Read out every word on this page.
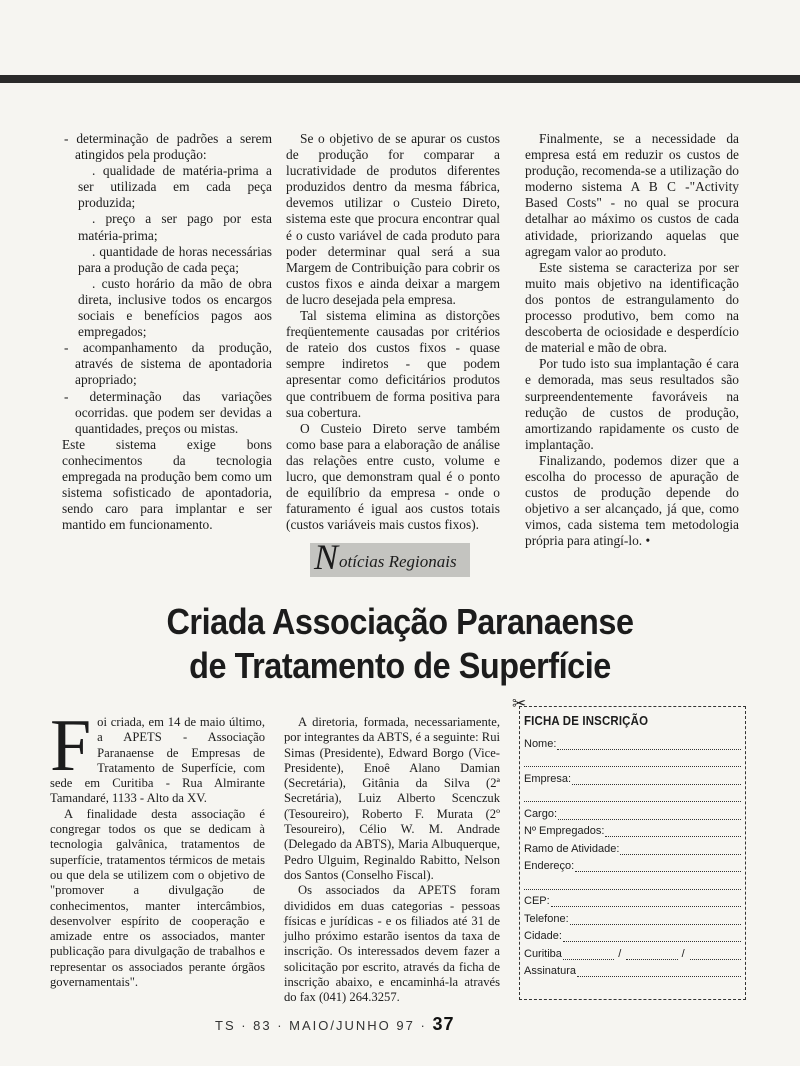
- determinação de padrões a serem atingidos pela produção:

. qualidade de matéria-prima a ser utilizada em cada peça produzida;

. preço a ser pago por esta matéria-prima;

. quantidade de horas necessárias para a produção de cada peça;

. custo horário da mão de obra direta, inclusive todos os encargos sociais e benefícios pagos aos empregados;

- acompanhamento da produção, através de sistema de apontadoria apropriado;

- determinação das variações ocorridas. que podem ser devidas a quantidades, preços ou mistas.

Este sistema exige bons conhecimentos da tecnologia empregada na produção bem como um sistema sofisticado de apontadoria, sendo caro para implantar e ser mantido em funcionamento.

Se o objetivo de se apurar os custos de produção for comparar a lucratividade de produtos diferentes produzidos dentro da mesma fábrica, devemos utilizar o Custeio Direto, sistema este que procura encontrar qual é o custo variável de cada produto para poder determinar qual será a sua Margem de Contribuição para cobrir os custos fixos e ainda deixar a margem de lucro desejada pela empresa.

Tal sistema elimina as distorções freqüentemente causadas por critérios de rateio dos custos fixos - quase sempre indiretos - que podem apresentar como deficitários produtos que contribuem de forma positiva para sua cobertura.

O Custeio Direto serve também como base para a elaboração de análise das relações entre custo, volume e lucro, que demonstram qual é o ponto de equilíbrio da empresa - onde o faturamento é igual aos custos totais (custos variáveis mais custos fixos).

Finalmente, se a necessidade da empresa está em reduzir os custos de produção, recomenda-se a utilização do moderno sistema A B C -"Activity Based Costs" - no qual se procura detalhar ao máximo os custos de cada atividade, priorizando aquelas que agregam valor ao produto.

Este sistema se caracteriza por ser muito mais objetivo na identificação dos pontos de estrangulamento do processo produtivo, bem como na descoberta de ociosidade e desperdício de material e mão de obra.

Por tudo isto sua implantação é cara e demorada, mas seus resultados são surpreendentemente favoráveis na redução de custos de produção, amortizando rapidamente os custo de implantação.

Finalizando, podemos dizer que a escolha do processo de apuração de custos de produção depende do objetivo a ser alcançado, já que, como vimos, cada sistema tem metodologia própria para atingí-lo. •

N otícias Regionais
Criada Associação Paranaense
de Tratamento de Superfície

Foi criada, em 14 de maio último, a APETS - Associação Paranaense de Empresas de Tratamento de Superfície, com sede em Curitiba - Rua Almirante Tamandaré, 1133 - Alto da XV.

A finalidade desta associação é congregar todos os que se dedicam à tecnologia galvânica, tratamentos de superfície, tratamentos térmicos de metais ou que dela se utilizem com o objetivo de "promover a divulgação de conhecimentos, manter intercâmbios, desenvolver espírito de cooperação e amizade entre os associados, manter publicação para divulgação de trabalhos e representar os associados perante órgãos governamentais".

A diretoria, formada, necessariamente, por integrantes da ABTS, é a seguinte: Rui Simas (Presidente), Edward Borgo (Vice-Presidente), Enoê Alano Damian (Secretária), Gitânia da Silva (2ª Secretária), Luiz Alberto Scenczuk (Tesoureiro), Roberto F. Murata (2º Tesoureiro), Célio W. M. Andrade (Delegado da ABTS), Maria Albuquerque, Pedro Ulguim, Reginaldo Rabitto, Nelson dos Santos (Conselho Fiscal).

Os associados da APETS foram divididos em duas categorias - pessoas físicas e jurídicas - e os filiados até 31 de julho próximo estarão isentos da taxa de inscrição. Os interessados devem fazer a solicitação por escrito, através da ficha de inscrição abaixo, e encaminhá-la através do fax (041) 264.3257.

✂
FICHA DE INSCRIÇÃO
Nome:
Empresa:
Cargo:
Nº Empregados:
Ramo de Atividade:
Endereço:
CEP:
Telefone:
Cidade:
Curitiba	/	/
Assinatura
TS · 83 · MAIO/JUNHO 97 · 37
